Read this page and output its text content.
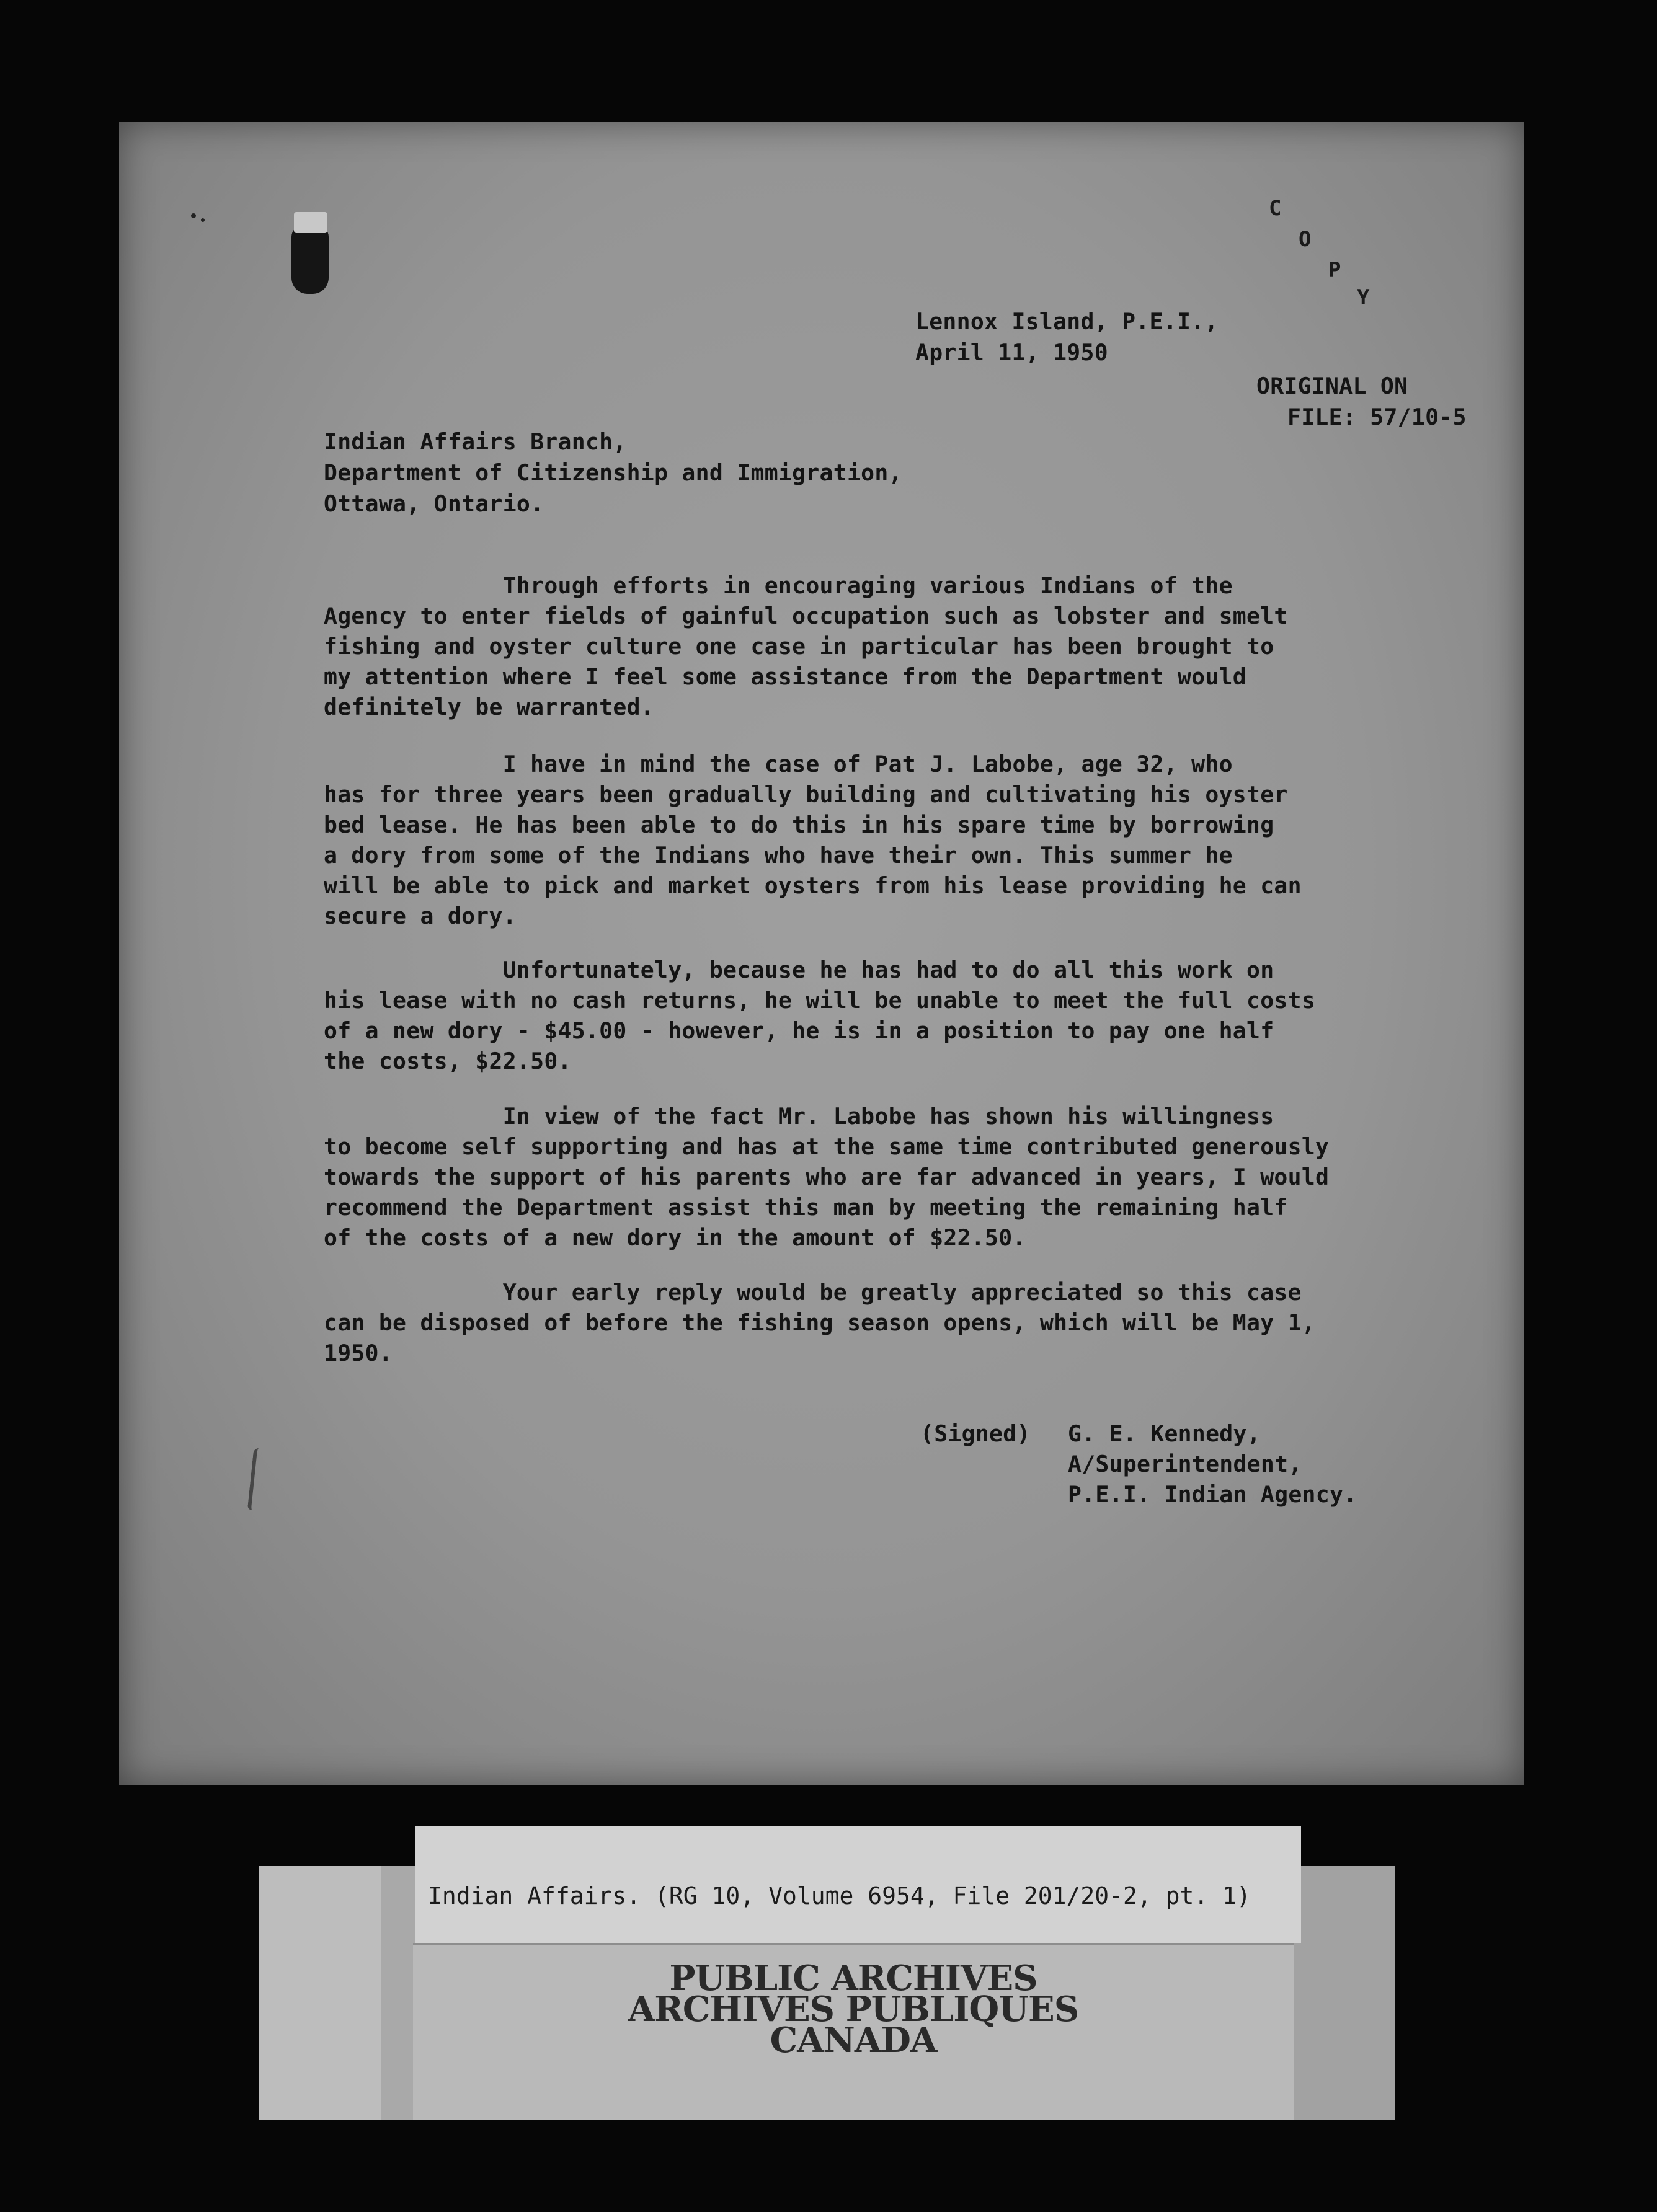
C
O
P
Y
Lennox Island, P.E.I.,
April 11, 1950
ORIGINAL ON
FILE: 57/10-5
Indian Affairs Branch,
Department of Citizenship and Immigration,
Ottawa, Ontario.
Through efforts in encouraging various Indians of the
Agency to enter fields of gainful occupation such as lobster and smelt
fishing and oyster culture one case in particular has been brought to
my attention where I feel some assistance from the Department would
definitely be warranted.
I have in mind the case of Pat J. Labobe, age 32, who
has for three years been gradually building and cultivating his oyster
bed lease. He has been able to do this in his spare time by borrowing
a dory from some of the Indians who have their own. This summer he
will be able to pick and market oysters from his lease providing he can
secure a dory.
Unfortunately, because he has had to do all this work on
his lease with no cash returns, he will be unable to meet the full costs
of a new dory - $45.00 - however, he is in a position to pay one half
the costs, $22.50.
In view of the fact Mr. Labobe has shown his willingness
to become self supporting and has at the same time contributed generously
towards the support of his parents who are far advanced in years, I would
recommend the Department assist this man by meeting the remaining half
of the costs of a new dory in the amount of $22.50.
Your early reply would be greatly appreciated so this case
can be disposed of before the fishing season opens, which will be May 1,
1950.
(Signed) G. E. Kennedy,
A/Superintendent,
P.E.I. Indian Agency.
Indian Affairs. (RG 10, Volume 6954, File 201/20-2, pt. 1)
PUBLIC ARCHIVES
ARCHIVES PUBLIQUES
CANADA
